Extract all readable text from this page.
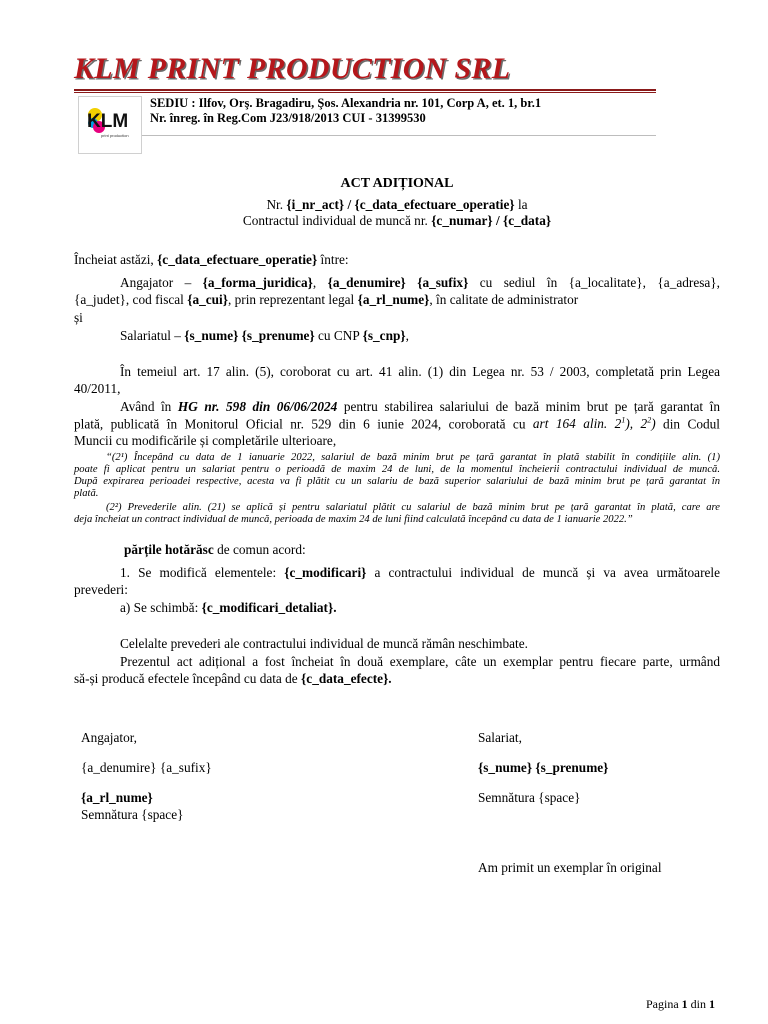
KLM PRINT PRODUCTION SRL
KLM
print production
SEDIU : Ilfov, Orş. Bragadiru, Şos. Alexandria nr. 101, Corp A, et. 1, br.1
Nr. înreg. în Reg.Com J23/918/2013 CUI - 31399530
ACT ADIȚIONAL
Nr. {i_nr_act} / {c_data_efectuare_operatie} la
Contractul individual de muncă nr. {c_numar} / {c_data}
Încheiat astăzi, {c_data_efectuare_operatie} între:
Angajator – {a_forma_juridica}, {a_denumire} {a_sufix} cu sediul în {a_localitate}, {a_adresa},
{a_judet}, cod fiscal {a_cui}, prin reprezentant legal {a_rl_nume}, în calitate de administrator
și
Salariatul – {s_nume} {s_prenume} cu CNP {s_cnp},
În temeiul art. 17 alin. (5), coroborat cu art. 41 alin. (1) din Legea nr. 53 / 2003, completată prin Legea
40/2011,
Având în HG nr. 598 din 06/06/2024 pentru stabilirea salariului de bază minim brut pe țară garantat în
plată, publicată în Monitorul Oficial nr. 529 din 6 iunie 2024, coroborată cu art 164 alin. $2^1$), $2^2$) din Codul
Muncii cu modificările și completările ulterioare,
“(2¹) Începând cu data de 1 ianuarie 2022, salariul de bază minim brut pe țară garantat în plată stabilit în condițiile alin. (1)
poate fi aplicat pentru un salariat pentru o perioadă de maxim 24 de luni, de la momentul încheierii contractului individual de muncă.
După expirarea perioadei respective, acesta va fi plătit cu un salariu de bază superior salariului de bază minim brut pe țară garantat în
plată.
(2²) Prevederile alin. (21) se aplică și pentru salariatul plătit cu salariul de bază minim brut pe țară garantat în plată, care are
deja încheiat un contract individual de muncă, perioada de maxim 24 de luni fiind calculată începând cu data de 1 ianuarie 2022.”
părțile hotărăsc de comun acord:
1. Se modifică elementele: {c_modificari} a contractului individual de muncă și va avea următoarele
prevederi:
a) Se schimbă: {c_modificari_detaliat}.
Celelalte prevederi ale contractului individual de muncă rămân neschimbate.
Prezentul act adițional a fost încheiat în două exemplare, câte un exemplar pentru fiecare parte, urmând
să-și producă efectele începând cu data de {c_data_efecte}.
Angajator,
{a_denumire} {a_sufix}
{a_rl_nume}
Semnătura {space}
Salariat,
{s_nume} {s_prenume}
Semnătura {space}
Am primit un exemplar în original
Pagina 1 din 1
